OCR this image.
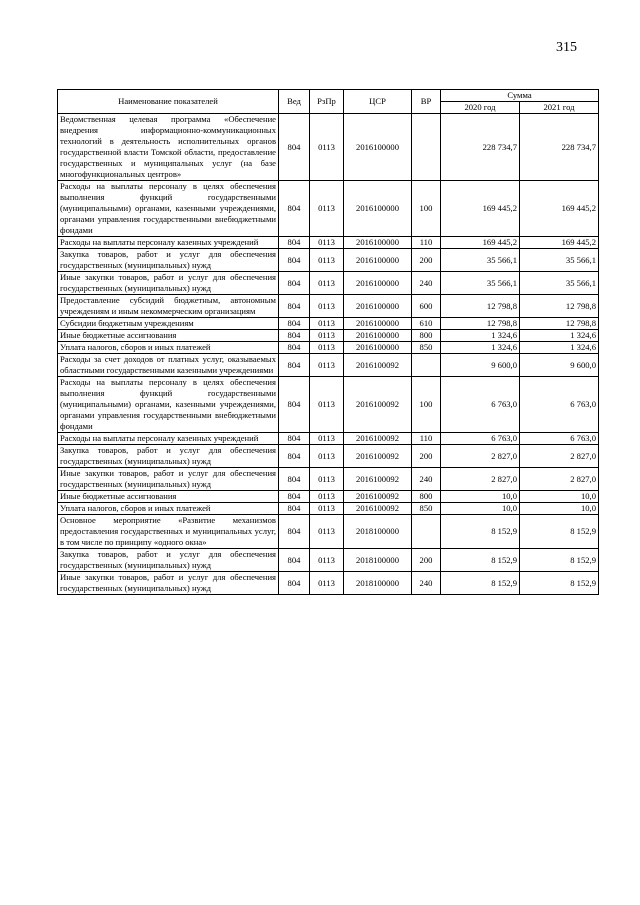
315
Наименование показателей	Вед	РзПр	ЦСР	ВР	Сумма	
					2020 год	2021 год
Ведомственная целевая программа «Обеспечение внедрения информационно-коммуникационных технологий в деятельность исполнительных органов государственной власти Томской области, предоставление государственных и муниципальных услуг (на базе многофункциональных центров»	804	0113	2016100000		228 734,7	228 734,7
Расходы на выплаты персоналу в целях обеспечения выполнения функций государственными (муниципальными) органами, казенными учреждениями, органами управления государственными внебюджетными фондами	804	0113	2016100000	100	169 445,2	169 445,2
Расходы на выплаты персоналу казенных учреждений	804	0113	2016100000	110	169 445,2	169 445,2
Закупка товаров, работ и услуг для обеспечения государственных (муниципальных) нужд	804	0113	2016100000	200	35 566,1	35 566,1
Иные закупки товаров, работ и услуг для обеспечения государственных (муниципальных) нужд	804	0113	2016100000	240	35 566,1	35 566,1
Предоставление субсидий бюджетным, автономным учреждениям и иным некоммерческим организациям	804	0113	2016100000	600	12 798,8	12 798,8
Субсидии бюджетным учреждениям	804	0113	2016100000	610	12 798,8	12 798,8
Иные бюджетные ассигнования	804	0113	2016100000	800	1 324,6	1 324,6
Уплата налогов, сборов и иных платежей	804	0113	2016100000	850	1 324,6	1 324,6
Расходы за счет доходов от платных услуг, оказываемых областными государственными казенными учреждениями	804	0113	2016100092		9 600,0	9 600,0
Расходы на выплаты персоналу в целях обеспечения выполнения функций государственными (муниципальными) органами, казенными учреждениями, органами управления государственными внебюджетными фондами	804	0113	2016100092	100	6 763,0	6 763,0
Расходы на выплаты персоналу казенных учреждений	804	0113	2016100092	110	6 763,0	6 763,0
Закупка товаров, работ и услуг для обеспечения государственных (муниципальных) нужд	804	0113	2016100092	200	2 827,0	2 827,0
Иные закупки товаров, работ и услуг для обеспечения государственных (муниципальных) нужд	804	0113	2016100092	240	2 827,0	2 827,0
Иные бюджетные ассигнования	804	0113	2016100092	800	10,0	10,0
Уплата налогов, сборов и иных платежей	804	0113	2016100092	850	10,0	10,0
Основное мероприятие «Развитие механизмов предоставления государственных и муниципальных услуг, в том числе по принципу «одного окна»	804	0113	2018100000		8 152,9	8 152,9
Закупка товаров, работ и услуг для обеспечения государственных (муниципальных) нужд	804	0113	2018100000	200	8 152,9	8 152,9
Иные закупки товаров, работ и услуг для обеспечения государственных (муниципальных) нужд	804	0113	2018100000	240	8 152,9	8 152,9
